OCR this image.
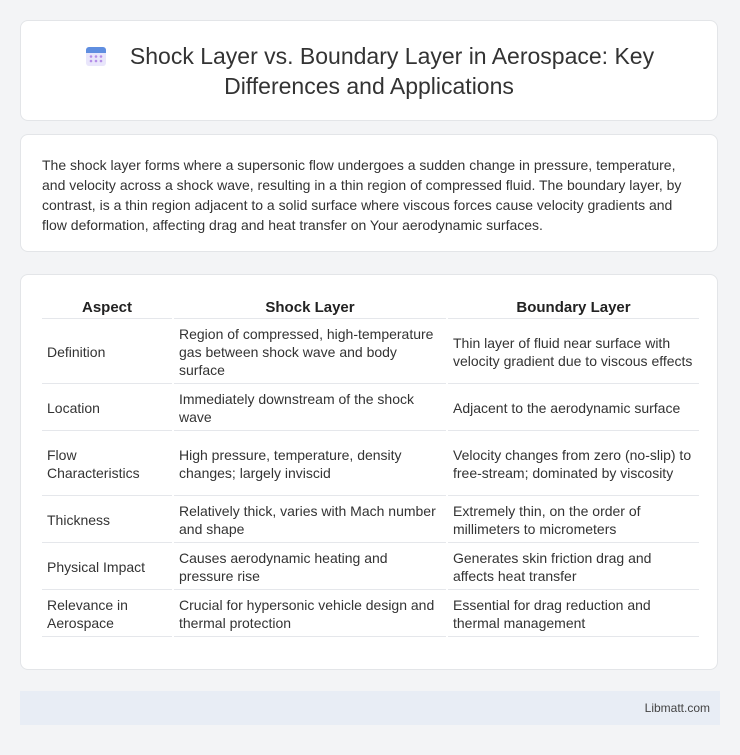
Shock Layer vs. Boundary Layer in Aerospace: Key Differences and Applications
The shock layer forms where a supersonic flow undergoes a sudden change in pressure, temperature, and velocity across a shock wave, resulting in a thin region of compressed fluid. The boundary layer, by contrast, is a thin region adjacent to a solid surface where viscous forces cause velocity gradients and flow deformation, affecting drag and heat transfer on Your aerodynamic surfaces.
Aspect	Shock Layer	Boundary Layer
Definition	Region of compressed, high-temperature gas between shock wave and body surface	Thin layer of fluid near surface with velocity gradient due to viscous effects
Location	Immediately downstream of the shock wave	Adjacent to the aerodynamic surface
Flow Characteristics	High pressure, temperature, density changes; largely inviscid	Velocity changes from zero (no-slip) to free-stream; dominated by viscosity
Thickness	Relatively thick, varies with Mach number and shape	Extremely thin, on the order of millimeters to micrometers
Physical Impact	Causes aerodynamic heating and pressure rise	Generates skin friction drag and affects heat transfer
Relevance in Aerospace	Crucial for hypersonic vehicle design and thermal protection	Essential for drag reduction and thermal management
Libmatt.com
